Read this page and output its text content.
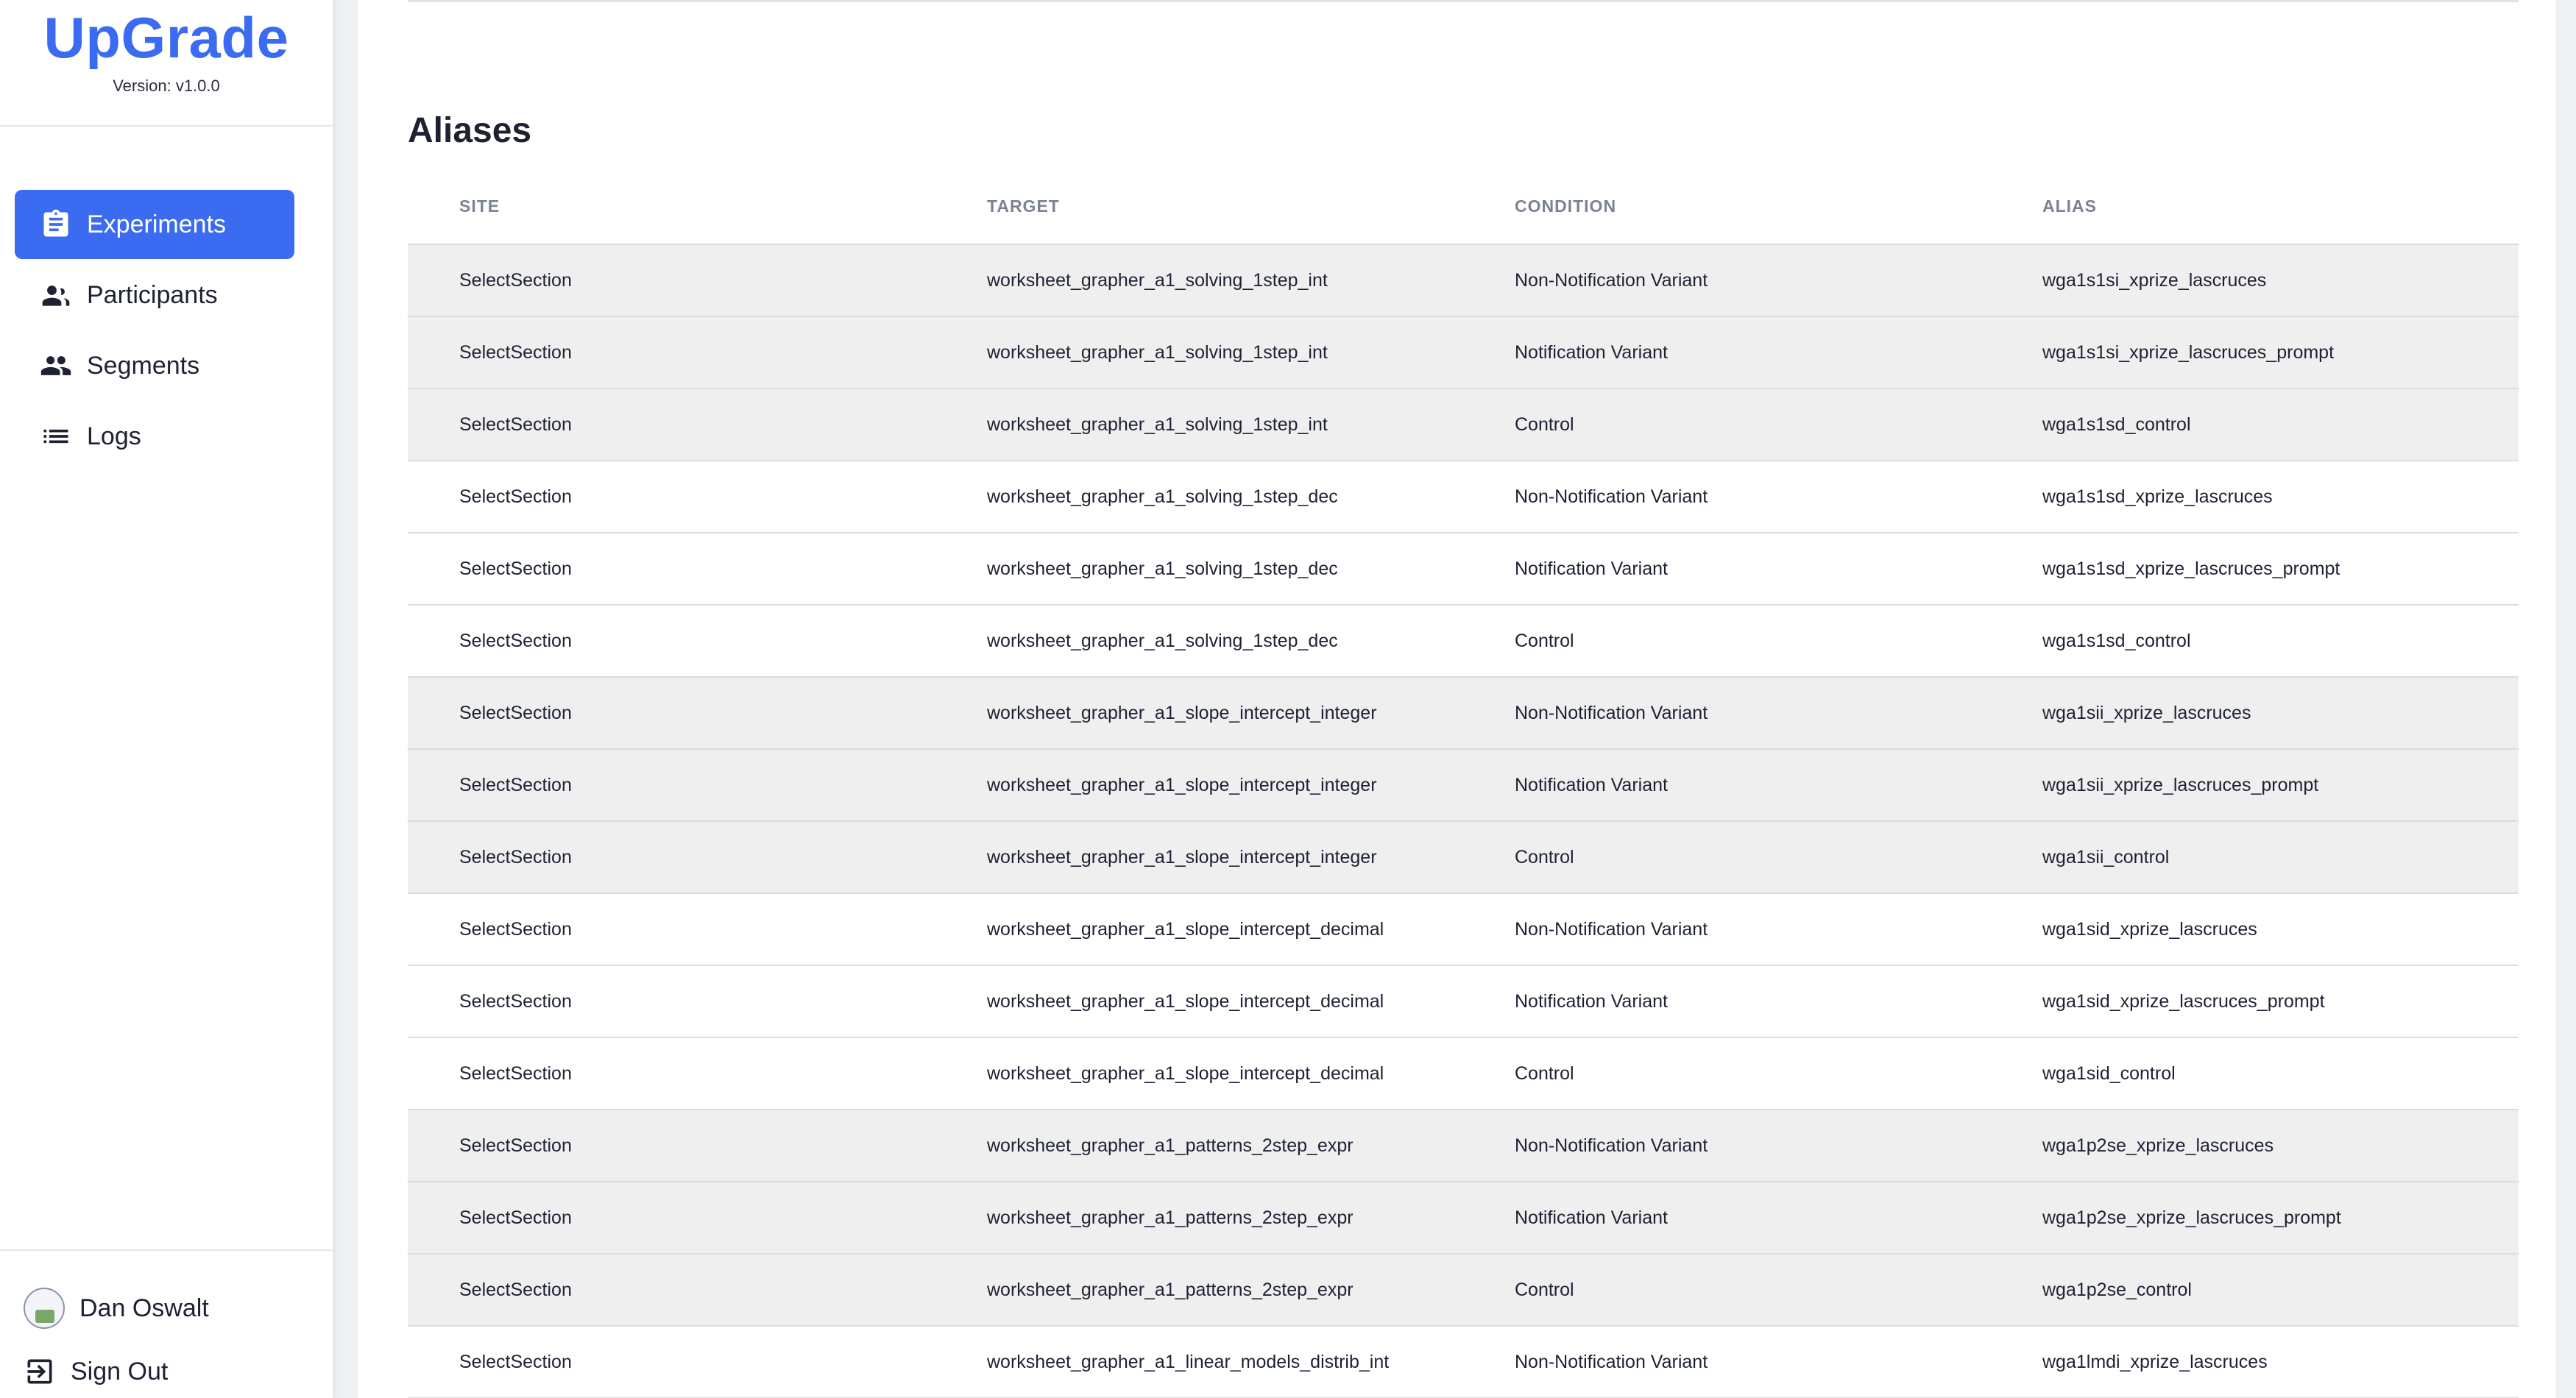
UpGrade
Version: v1.0.0
Experiments
Participants
Segments
Logs
Dan Oswalt
Sign Out
Aliases
SITE	TARGET	CONDITION	ALIAS
SelectSection	worksheet_grapher_a1_solving_1step_int	Non-Notification Variant	wga1s1si_xprize_lascruces
SelectSection	worksheet_grapher_a1_solving_1step_int	Notification Variant	wga1s1si_xprize_lascruces_prompt
SelectSection	worksheet_grapher_a1_solving_1step_int	Control	wga1s1sd_control
SelectSection	worksheet_grapher_a1_solving_1step_dec	Non-Notification Variant	wga1s1sd_xprize_lascruces
SelectSection	worksheet_grapher_a1_solving_1step_dec	Notification Variant	wga1s1sd_xprize_lascruces_prompt
SelectSection	worksheet_grapher_a1_solving_1step_dec	Control	wga1s1sd_control
SelectSection	worksheet_grapher_a1_slope_intercept_integer	Non-Notification Variant	wga1sii_xprize_lascruces
SelectSection	worksheet_grapher_a1_slope_intercept_integer	Notification Variant	wga1sii_xprize_lascruces_prompt
SelectSection	worksheet_grapher_a1_slope_intercept_integer	Control	wga1sii_control
SelectSection	worksheet_grapher_a1_slope_intercept_decimal	Non-Notification Variant	wga1sid_xprize_lascruces
SelectSection	worksheet_grapher_a1_slope_intercept_decimal	Notification Variant	wga1sid_xprize_lascruces_prompt
SelectSection	worksheet_grapher_a1_slope_intercept_decimal	Control	wga1sid_control
SelectSection	worksheet_grapher_a1_patterns_2step_expr	Non-Notification Variant	wga1p2se_xprize_lascruces
SelectSection	worksheet_grapher_a1_patterns_2step_expr	Notification Variant	wga1p2se_xprize_lascruces_prompt
SelectSection	worksheet_grapher_a1_patterns_2step_expr	Control	wga1p2se_control
SelectSection	worksheet_grapher_a1_linear_models_distrib_int	Non-Notification Variant	wga1lmdi_xprize_lascruces
